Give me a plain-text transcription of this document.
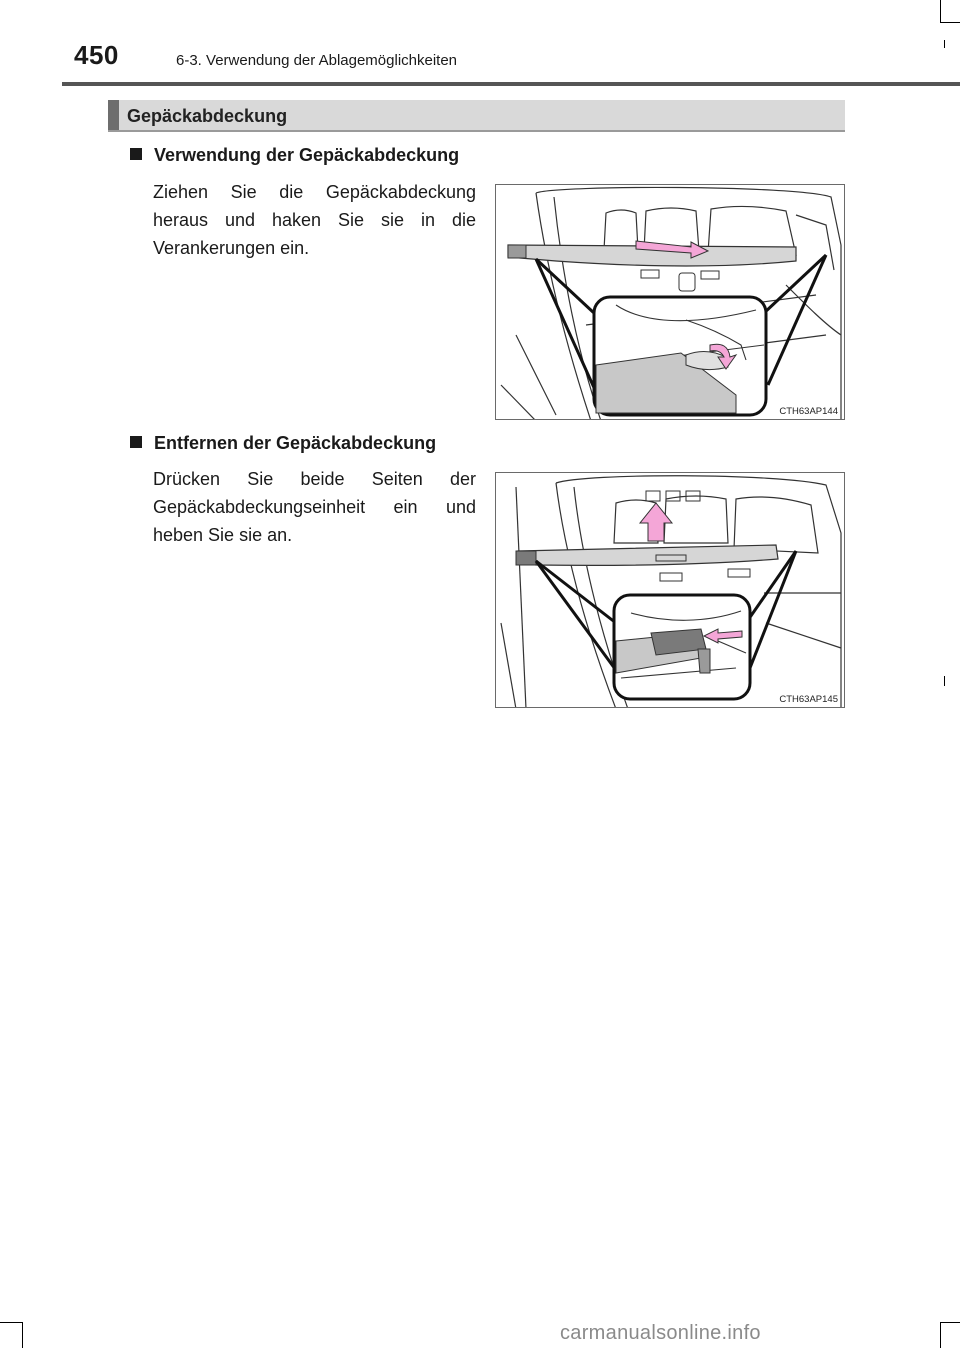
450	6-3. Verwendung der Ablagemöglichkeiten
Gepäckabdeckung
Verwendung der Gepäckabdeckung
Ziehen Sie die Gepäckabdeckung heraus und haken Sie sie in die Verankerungen ein.
CTH63AP144
Entfernen der Gepäckabdeckung
Drücken Sie beide Seiten der Gepäckabdeckungseinheit ein und heben Sie sie an.
CTH63AP145
carmanualsonline.info
